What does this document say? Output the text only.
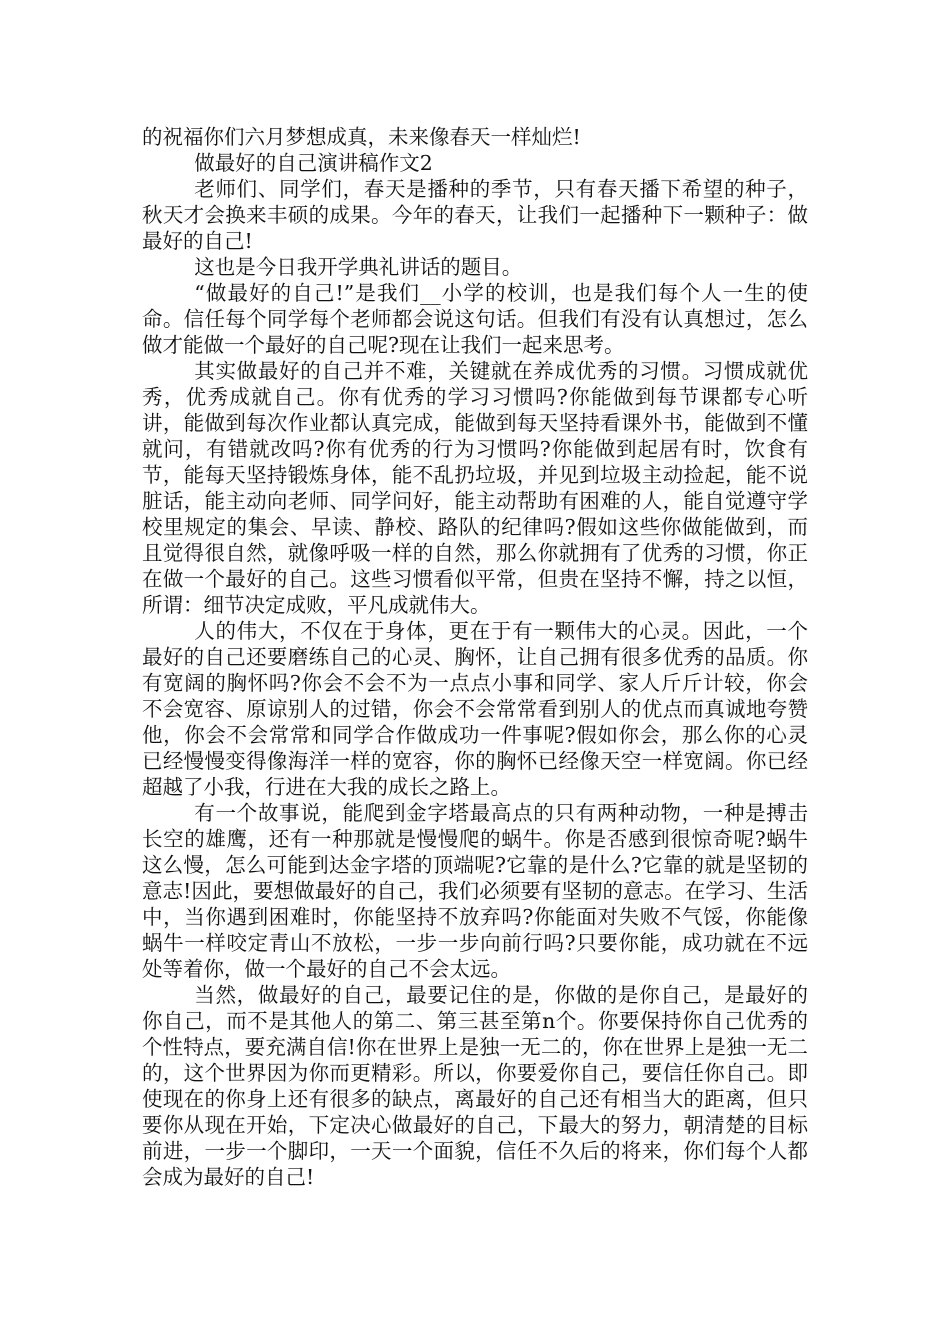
的祝福你们六月梦想成真，未来像春天一样灿烂!

做最好的自己演讲稿作文2

老师们、同学们，春天是播种的季节，只有春天播下希望的种子，秋天才会换来丰硕的成果。今年的春天，让我们一起播种下一颗种子：做最好的自己!

这也是今日我开学典礼讲话的题目。

“做最好的自己!”是我们__小学的校训，也是我们每个人一生的使命。信任每个同学每个老师都会说这句话。但我们有没有认真想过，怎么做才能做一个最好的自己呢?现在让我们一起来思考。

其实做最好的自己并不难，关键就在养成优秀的习惯。习惯成就优秀，优秀成就自己。你有优秀的学习习惯吗?你能做到每节课都专心听讲，能做到每次作业都认真完成，能做到每天坚持看课外书，能做到不懂就问，有错就改吗?你有优秀的行为习惯吗?你能做到起居有时，饮食有节，能每天坚持锻炼身体，能不乱扔垃圾，并见到垃圾主动捡起，能不说脏话，能主动向老师、同学问好，能主动帮助有困难的人，能自觉遵守学校里规定的集会、早读、静校、路队的纪律吗?假如这些你做能做到，而且觉得很自然，就像呼吸一样的自然，那么你就拥有了优秀的习惯，你正在做一个最好的自己。这些习惯看似平常，但贵在坚持不懈，持之以恒，所谓：细节决定成败，平凡成就伟大。

人的伟大，不仅在于身体，更在于有一颗伟大的心灵。因此，一个最好的自己还要磨练自己的心灵、胸怀，让自己拥有很多优秀的品质。你有宽阔的胸怀吗?你会不会不为一点点小事和同学、家人斤斤计较，你会不会宽容、原谅别人的过错，你会不会常常看到别人的优点而真诚地夸赞他，你会不会常常和同学合作做成功一件事呢?假如你会，那么你的心灵已经慢慢变得像海洋一样的宽容，你的胸怀已经像天空一样宽阔。你已经超越了小我，行进在大我的成长之路上。

有一个故事说，能爬到金字塔最高点的只有两种动物，一种是搏击长空的雄鹰，还有一种那就是慢慢爬的蜗牛。你是否感到很惊奇呢?蜗牛这么慢，怎么可能到达金字塔的顶端呢?它靠的是什么?它靠的就是坚韧的意志!因此，要想做最好的自己，我们必须要有坚韧的意志。在学习、生活中，当你遇到困难时，你能坚持不放弃吗?你能面对失败不气馁，你能像蜗牛一样咬定青山不放松，一步一步向前行吗?只要你能，成功就在不远处等着你，做一个最好的自己不会太远。

当然，做最好的自己，最要记住的是，你做的是你自己，是最好的你自己，而不是其他人的第二、第三甚至第n个。你要保持你自己优秀的个性特点，要充满自信!你在世界上是独一无二的，你在世界上是独一无二的，这个世界因为你而更精彩。所以，你要爱你自己，要信任你自己。即使现在的你身上还有很多的缺点，离最好的自己还有相当大的距离，但只要你从现在开始，下定决心做最好的自己，下最大的努力，朝清楚的目标前进，一步一个脚印，一天一个面貌，信任不久后的将来，你们每个人都会成为最好的自己!
